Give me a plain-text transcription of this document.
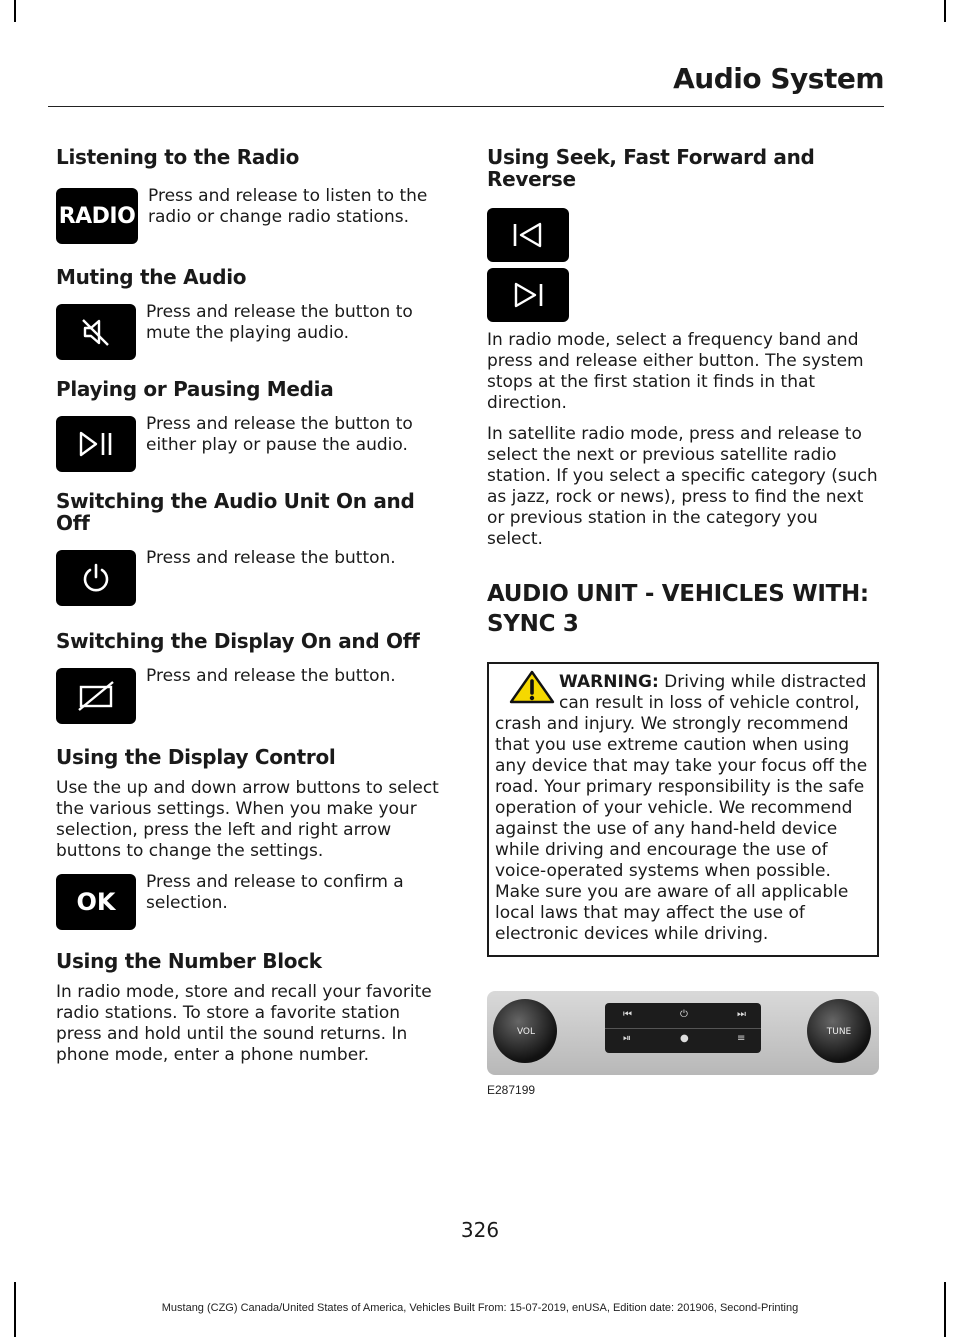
Audio System
Listening to the Radio
RADIO
Press and release to listen to the radio or change radio stations.
Muting the Audio
Press and release the button to mute the playing audio.
Playing or Pausing Media
Press and release the button to either play or pause the audio.
Switching the Audio Unit On and Off
Press and release the button.
Switching the Display On and Off
Press and release the button.
Using the Display Control

Use the up and down arrow buttons to select the various settings. When you make your selection, press the left and right arrow buttons to change the settings.

OK
Press and release to confirm a selection.
Using the Number Block

In radio mode, store and recall your favorite radio stations. To store a favorite station press and hold until the sound returns. In phone mode, enter a phone number.

Using Seek, Fast Forward and Reverse

In radio mode, select a frequency band and press and release either button. The system stops at the first station it finds in that direction.

In satellite radio mode, press and release to select the next or previous satellite radio station. If you select a specific category (such as jazz, rock or news), press to find the next or previous station in the category you select.

AUDIO UNIT - VEHICLES WITH:
SYNC 3
WARNING: Driving while distracted can result in loss of vehicle control, crash and injury. We strongly recommend that you use extreme caution when using any device that may take your focus off the road. Your primary responsibility is the safe operation of your vehicle. We recommend against the use of any hand-held device while driving and encourage the use of voice-operated systems when possible. Make sure you are aware of all applicable local laws that may affect the use of electronic devices while driving.
VOL
⏮	⏻	⏭
⏯	●	≡
TUNE
E287199
326
Mustang (CZG) Canada/United States of America, Vehicles Built From: 15-07-2019, enUSA, Edition date: 201906, Second-Printing
